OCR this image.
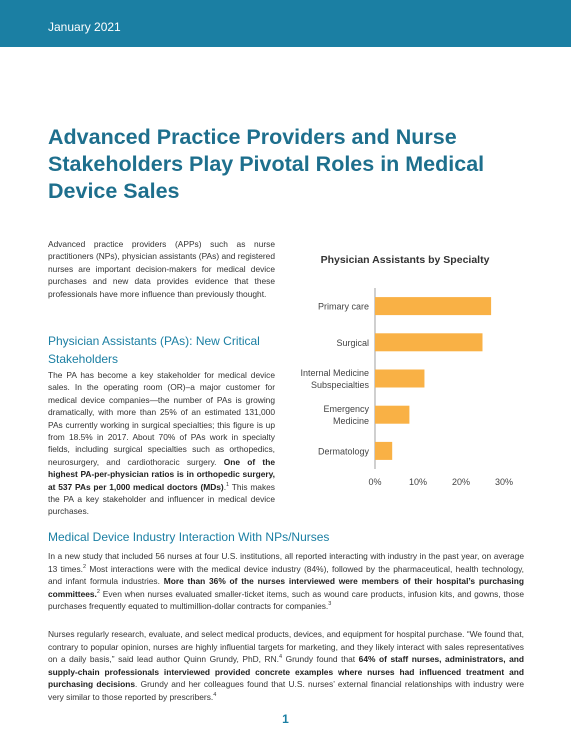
January 2021
Advanced Practice Providers and Nurse Stakeholders Play Pivotal Roles in Medical Device Sales

Advanced practice providers (APPs) such as nurse practitioners (NPs), physician assistants (PAs) and registered nurses are important decision-makers for medical device purchases and new data provides evidence that these professionals have more influence than previously thought.

Physician Assistants (PAs): New Critical Stakeholders

The PA has become a key stakeholder for medical device sales. In the operating room (OR)–a major customer for medical device companies—the number of PAs is growing dramatically, with more than 25% of an estimated 131,000 PAs currently working in surgical specialties; this figure is up from 18.5% in 2017. About 70% of PAs work in specialty fields, including surgical specialties such as orthopedics, neurosurgery, and cardiothoracic surgery. One of the highest PA-per-physician ratios is in orthopedic surgery, at 537 PAs per 1,000 medical doctors (MDs).$^1$ This makes the PA a key stakeholder and influencer in medical device purchases.

Physician Assistants by Specialty
Primary care
Surgical
Internal Medicine Subspecialties
Emergency Medicine
Dermatology
0%	10%	20%	30%
Medical Device Industry Interaction With NPs/Nurses

In a new study that included 56 nurses at four U.S. institutions, all reported interacting with industry in the past year, on average 13 times.$^2$ Most interactions were with the medical device industry (84%), followed by the pharmaceutical, health technology, and infant formula industries. More than 36% of the nurses interviewed were members of their hospital’s purchasing committees.$^2$ Even when nurses evaluated smaller-ticket items, such as wound care products, infusion kits, and gowns, those purchases frequently equated to multimillion-dollar contracts for companies.$^3$

Nurses regularly research, evaluate, and select medical products, devices, and equipment for hospital purchase. “We found that, contrary to popular opinion, nurses are highly influential targets for marketing, and they likely interact with sales representatives on a daily basis,” said lead author Quinn Grundy, PhD, RN.$^4$ Grundy found that 64% of staff nurses, administrators, and supply-chain professionals interviewed provided concrete examples where nurses had influenced treatment and purchasing decisions. Grundy and her colleagues found that U.S. nurses’ external financial relationships with industry were very similar to those reported by prescribers.$^4$

1
